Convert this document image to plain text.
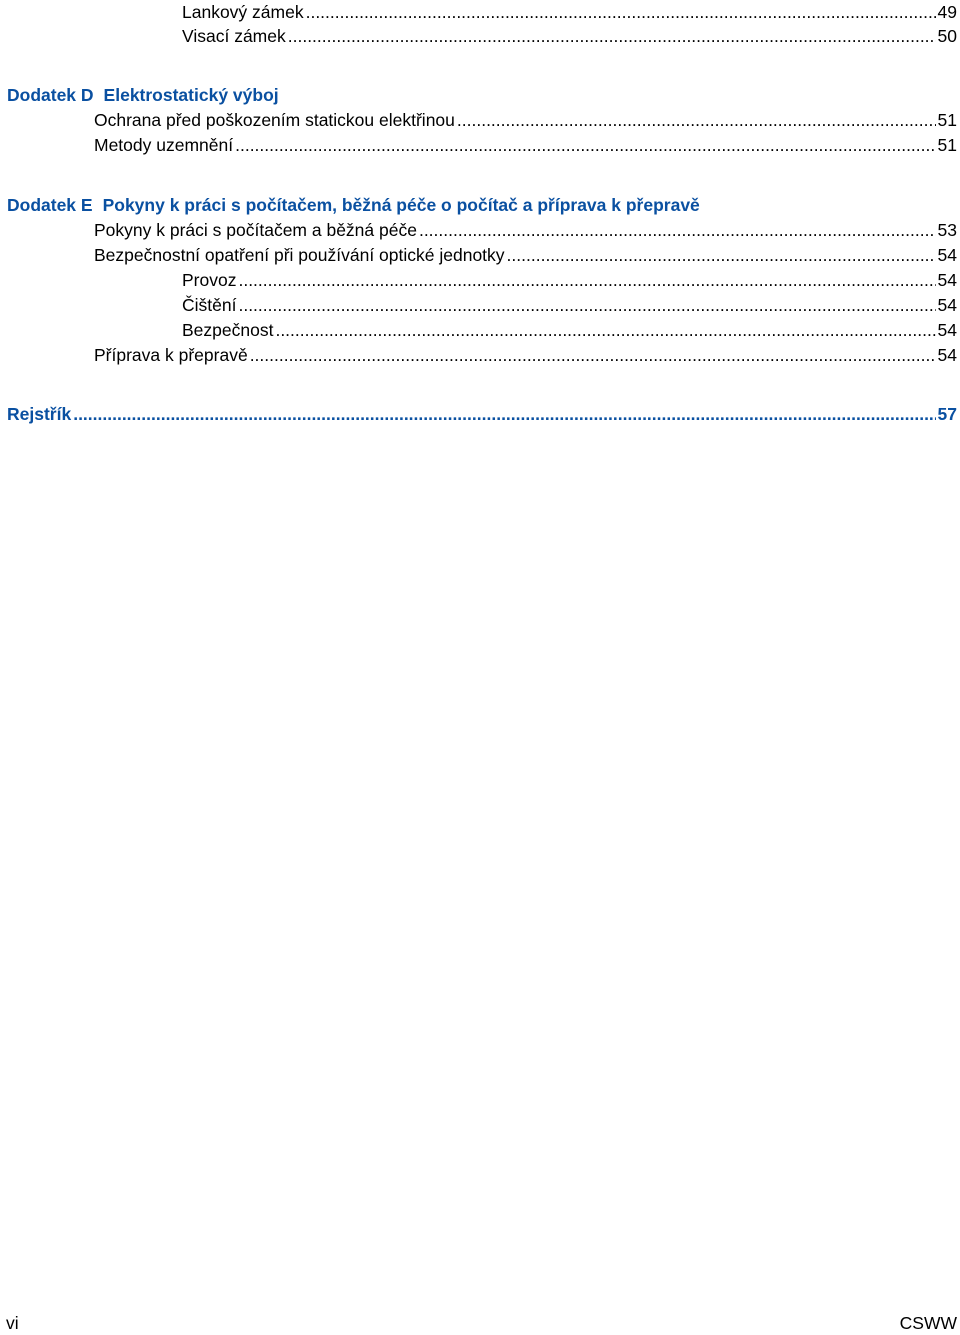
Lankový zámek .....	49
Visací zámek .....	50
Dodatek D Elektrostatický výboj
Ochrana před poškozením statickou elektřinou .....	51
Metody uzemnění .....	51
Dodatek E Pokyny k práci s počítačem, běžná péče o počítač a příprava k přepravě
Pokyny k práci s počítačem a běžná péče .....	53
Bezpečnostní opatření při používání optické jednotky .....	54
Provoz .....	54
Čištění .....	54
Bezpečnost .....	54
Příprava k přepravě .....	54
Rejstřík .....	57
vi	CSWW
